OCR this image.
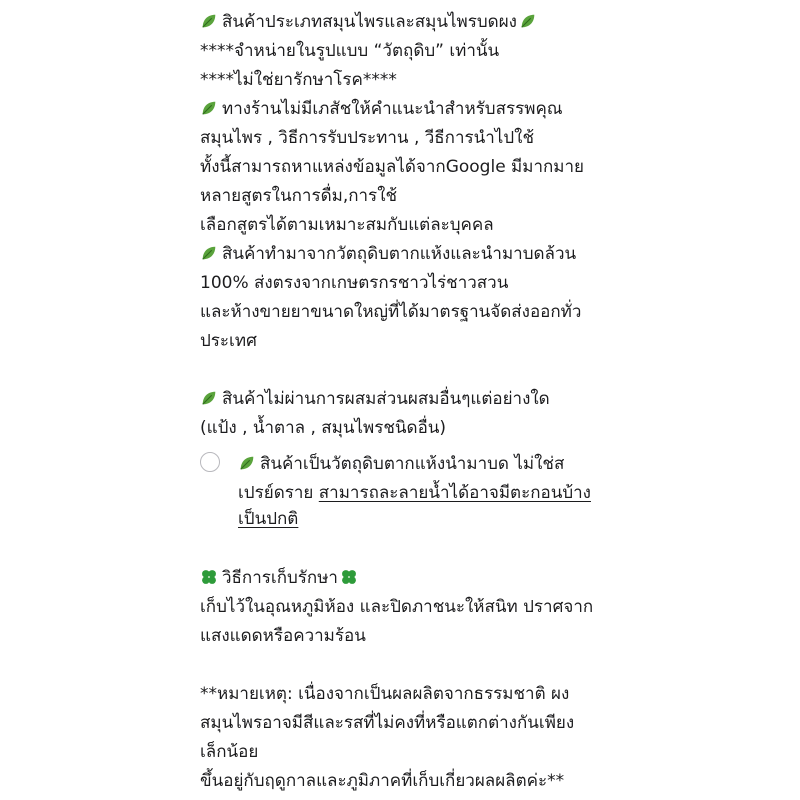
สินค้าประเภทสมุนไพรและสมุนไพรบดผง
****จำหน่ายในรูปแบบ “วัตถุดิบ” เท่านั้น
****ไม่ใช่ยารักษาโรค****
ทางร้านไม่มีเภสัชให้คำแนะนำสำหรับสรรพคุณ
สมุนไพร , วิธีการรับประทาน , วีธีการนำไปใช้
ทั้งนี้สามารถหาแหล่งข้อมูลได้จากGoogle มีมากมาย
หลายสูตรในการดื่ม,การใช้
เลือกสูตรได้ตามเหมาะสมกับแต่ละบุคคล
สินค้าทำมาจากวัตถุดิบตากแห้งและนำมาบดล้วน
100% ส่งตรงจากเกษตรกรชาวไร่ชาวสวน
และห้างขายยาขนาดใหญ่ที่ได้มาตรฐานจัดส่งออกทั่ว
ประเทศ
สินค้าไม่ผ่านการผสมส่วนผสมอื่นๆแต่อย่างใด
(แป้ง , น้ำตาล , สมุนไพรชนิดอื่น)
สินค้าเป็นวัตถุดิบตากแห้งนำมาบด ไม่ใช่ส
เปรย์ดราย สามารถละลายน้ำได้อาจมีตะกอนบ้าง
เป็นปกติ
วิธีการเก็บรักษา
เก็บไว้ในอุณหภูมิห้อง และปิดภาชนะให้สนิท ปราศจาก
แสงแดดหรือความร้อน
**หมายเหตุ: เนื่องจากเป็นผลผลิตจากธรรมชาติ ผง
สมุนไพรอาจมีสีและรสที่ไม่คงที่หรือแตกต่างกันเพียง
เล็กน้อย
ขึ้นอยู่กับฤดูกาลและภูมิภาคที่เก็บเกี่ยวผลผลิตค่ะ**
